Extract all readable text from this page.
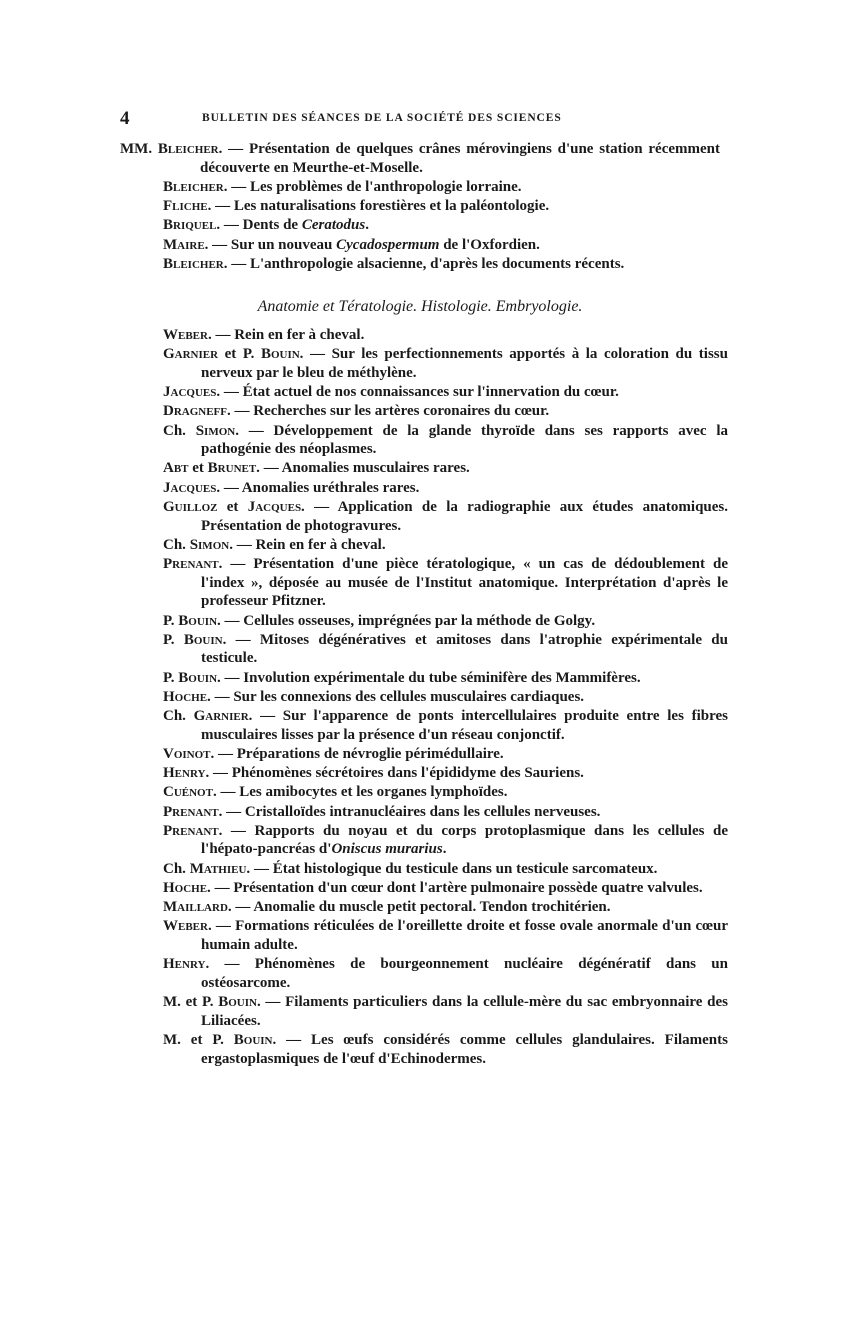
4	BULLETIN DES SÉANCES DE LA SOCIÉTÉ DES SCIENCES

MM. Bleicher. — Présentation de quelques crânes mérovingiens d'une station récemment découverte en Meurthe-et-Moselle.

Bleicher. — Les problèmes de l'anthropologie lorraine.

Fliche. — Les naturalisations forestières et la paléontologie.

Briquel. — Dents de Ceratodus.

Maire. — Sur un nouveau Cycadospermum de l'Oxfordien.

Bleicher. — L'anthropologie alsacienne, d'après les documents récents.

Anatomie et Tératologie. Histologie. Embryologie.

Weber. — Rein en fer à cheval.

Garnier et P. Bouin. — Sur les perfectionnements apportés à la coloration du tissu nerveux par le bleu de méthylène.

Jacques. — État actuel de nos connaissances sur l'innervation du cœur.

Dragneff. — Recherches sur les artères coronaires du cœur.

Ch. Simon. — Développement de la glande thyroïde dans ses rapports avec la pathogénie des néoplasmes.

Abt et Brunet. — Anomalies musculaires rares.

Jacques. — Anomalies uréthrales rares.

Guilloz et Jacques. — Application de la radiographie aux études anatomiques. Présentation de photogravures.

Ch. Simon. — Rein en fer à cheval.

Prenant. — Présentation d'une pièce tératologique, « un cas de dédoublement de l'index », déposée au musée de l'Institut anatomique. Interprétation d'après le professeur Pfitzner.

P. Bouin. — Cellules osseuses, imprégnées par la méthode de Golgy.

P. Bouin. — Mitoses dégénératives et amitoses dans l'atrophie expérimentale du testicule.

P. Bouin. — Involution expérimentale du tube séminifère des Mammifères.

Hoche. — Sur les connexions des cellules musculaires cardiaques.

Ch. Garnier. — Sur l'apparence de ponts intercellulaires produite entre les fibres musculaires lisses par la présence d'un réseau conjonctif.

Voinot. — Préparations de névroglie périmédullaire.

Henry. — Phénomènes sécrétoires dans l'épididyme des Sauriens.

Cuénot. — Les amibocytes et les organes lymphoïdes.

Prenant. — Cristalloïdes intranucléaires dans les cellules nerveuses.

Prenant. — Rapports du noyau et du corps protoplasmique dans les cellules de l'hépato-pancréas d'Oniscus murarius.

Ch. Mathieu. — État histologique du testicule dans un testicule sarcomateux.

Hoche. — Présentation d'un cœur dont l'artère pulmonaire possède quatre valvules.

Maillard. — Anomalie du muscle petit pectoral. Tendon trochitérien.

Weber. — Formations réticulées de l'oreillette droite et fosse ovale anormale d'un cœur humain adulte.

Henry. — Phénomènes de bourgeonnement nucléaire dégénératif dans un ostéosarcome.

M. et P. Bouin. — Filaments particuliers dans la cellule-mère du sac embryonnaire des Liliacées.

M. et P. Bouin. — Les œufs considérés comme cellules glandulaires. Filaments ergastoplasmiques de l'œuf d'Echinodermes.
